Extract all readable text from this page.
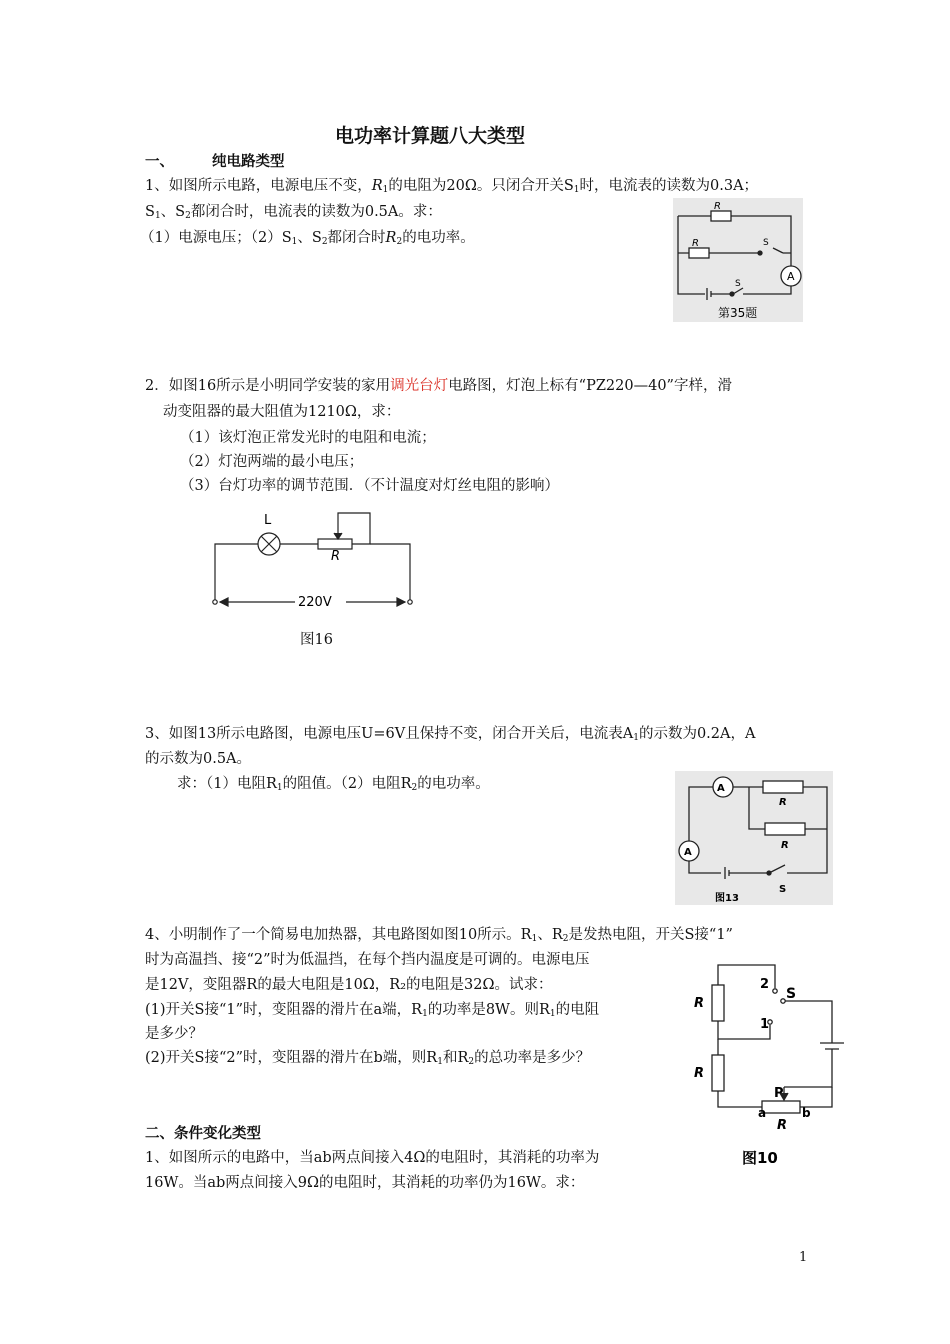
电功率计算题八大类型
一、	纯电路类型
1、如图所示电路，电源电压不变，$R_1$的电阻为20Ω。只闭合开关$S_1$时，电流表的读数为0.3A；
$S_1$、$S_2$都闭合时，电流表的读数为0.5A。求：
（1）电源电压；$(2)S_1$、$S_2$都闭合时$R_2$的电功率。
R
R	S
S
A
第35题
2．如图16所示是小明同学安装的家用调光台灯电路图，灯泡上标有“PZ220—40”字样，滑
动变阻器的最大阻值为1210Ω，求：
（1）该灯泡正常发光时的电阻和电流；
（2）灯泡两端的最小电压；
（3）台灯功率的调节范围．（不计温度对灯丝电阻的影响）
L
R
220V
图16
3、如图13所示电路图，电源电压U=6V且保持不变，闭合开关后，电流表$A_1$的示数为0.2A，A
的示数为0.5A。
求：（1）电阻$R_1$的阻值。（2）电阻$R_2$的电功率。	A
R
R
A
S
图13
4、小明制作了一个简易电加热器，其电路图如图10所示。$R_1$、$R_2$是发热电阻，开关S接“1”
时为高温挡、接“2”时为低温挡，在每个挡内温度是可调的。电源电压
是12V，变阻器R的最大电阻是10Ω，R₂的电阻是32Ω。试求：
(1)开关S接“1”时，变阻器的滑片在a端，$R_1$的功率是8W。则$R_1$的电阻
是多少？
(2)开关S接“2”时，变阻器的滑片在b端，则$R_1$和$R_2$的总功率是多少？
2
S
1
R
R
P
a	b
R
图10
二、条件变化类型
1、如图所示的电路中，当ab两点间接入4Ω的电阻时，其消耗的功率为
16W。当ab两点间接入9Ω的电阻时，其消耗的功率仍为16W。求：
1
